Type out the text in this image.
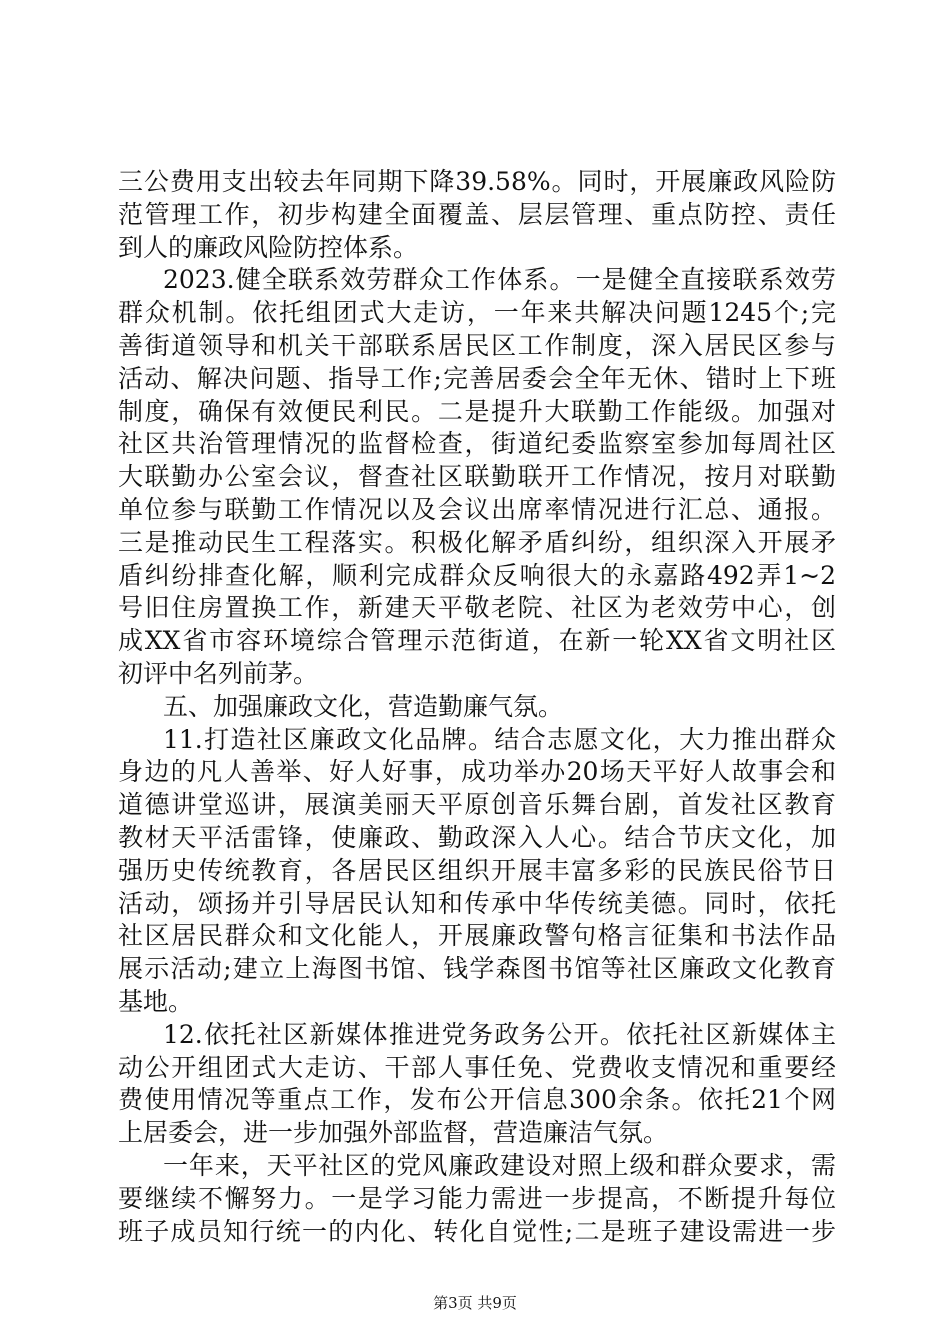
三公费用支出较去年同期下降39.58%。同时，开展廉政风险防
范管理工作，初步构建全面覆盖、层层管理、重点防控、责任
到人的廉政风险防控体系。
2023.健全联系效劳群众工作体系。一是健全直接联系效劳
群众机制。依托组团式大走访，一年来共解决问题1245个;完
善街道领导和机关干部联系居民区工作制度，深入居民区参与
活动、解决问题、指导工作;完善居委会全年无休、错时上下班
制度，确保有效便民利民。二是提升大联勤工作能级。加强对
社区共治管理情况的监督检查，街道纪委监察室参加每周社区
大联勤办公室会议，督查社区联勤联开工作情况，按月对联勤
单位参与联勤工作情况以及会议出席率情况进行汇总、通报。
三是推动民生工程落实。积极化解矛盾纠纷，组织深入开展矛
盾纠纷排查化解，顺利完成群众反响很大的永嘉路492弄1~2
号旧住房置换工作，新建天平敬老院、社区为老效劳中心，创
成XX省市容环境综合管理示范街道，在新一轮XX省文明社区
初评中名列前茅。
五、加强廉政文化，营造勤廉气氛。
11.打造社区廉政文化品牌。结合志愿文化，大力推出群众
身边的凡人善举、好人好事，成功举办20场天平好人故事会和
道德讲堂巡讲，展演美丽天平原创音乐舞台剧，首发社区教育
教材天平活雷锋，使廉政、勤政深入人心。结合节庆文化，加
强历史传统教育，各居民区组织开展丰富多彩的民族民俗节日
活动，颂扬并引导居民认知和传承中华传统美德。同时，依托
社区居民群众和文化能人，开展廉政警句格言征集和书法作品
展示活动;建立上海图书馆、钱学森图书馆等社区廉政文化教育
基地。
12.依托社区新媒体推进党务政务公开。依托社区新媒体主
动公开组团式大走访、干部人事任免、党费收支情况和重要经
费使用情况等重点工作，发布公开信息300余条。依托21个网
上居委会，进一步加强外部监督，营造廉洁气氛。
一年来，天平社区的党风廉政建设对照上级和群众要求，需
要继续不懈努力。一是学习能力需进一步提高，不断提升每位
班子成员知行统一的内化、转化自觉性;二是班子建设需进一步
第3页 共9页
